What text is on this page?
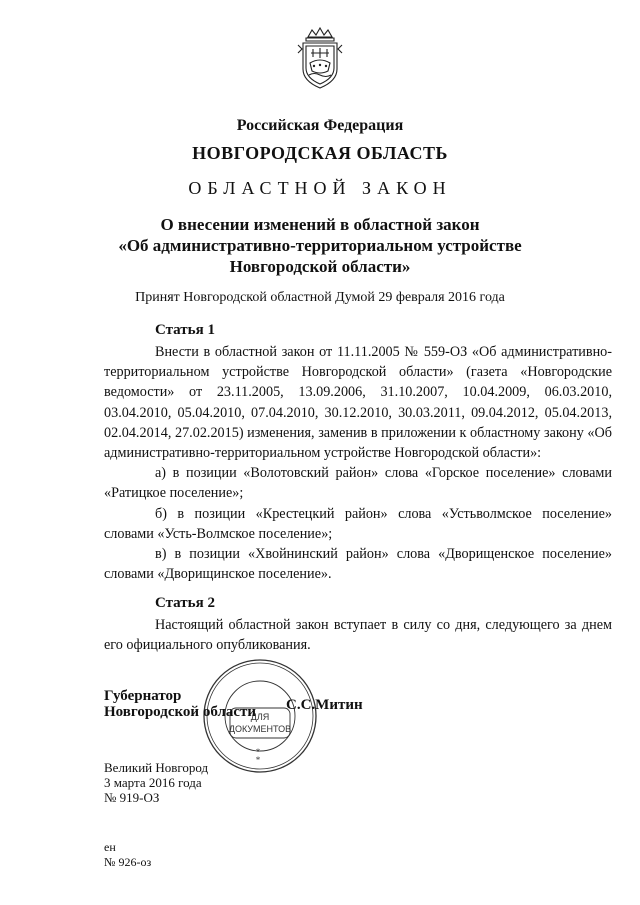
Российская Федерация
НОВГОРОДСКАЯ ОБЛАСТЬ
ОБЛАСТНОЙ ЗАКОН
О внесении изменений в областной закон
«Об административно-территориальном устройстве
Новгородской области»
Принят Новгородской областной Думой 29 февраля 2016 года
Статья 1

Внести в областной закон от 11.11.2005 № 559-ОЗ «Об административно-территориальном устройстве Новгородской области» (газета «Новгородские ведомости» от 23.11.2005, 13.09.2006, 31.10.2007, 10.04.2009, 06.03.2010, 03.04.2010, 05.04.2010, 07.04.2010, 30.12.2010, 30.03.2011, 09.04.2012, 05.04.2013, 02.04.2014, 27.02.2015) изменения, заменив в приложении к областному закону «Об административно-территориальном устройстве Новгородской области»:

а) в позиции «Волотовский район» слова «Горское поселение» словами «Ратицкое поселение»;

б) в позиции «Крестецкий район» слова «Устьволмское поселение» словами «Усть-Волмское поселение»;

в) в позиции «Хвойнинский район» слова «Дворищенское поселение» словами «Дворищинское поселение».

Статья 2

Настоящий областной закон вступает в силу со дня, следующего за днем его официального опубликования.

ДЛЯ
ДОКУМЕНТОВ
*
*
Губернатор
Новгородской области С.С.Митин
Великий Новгород
3 марта 2016 года
№ 919-ОЗ
ен
№ 926-оз
